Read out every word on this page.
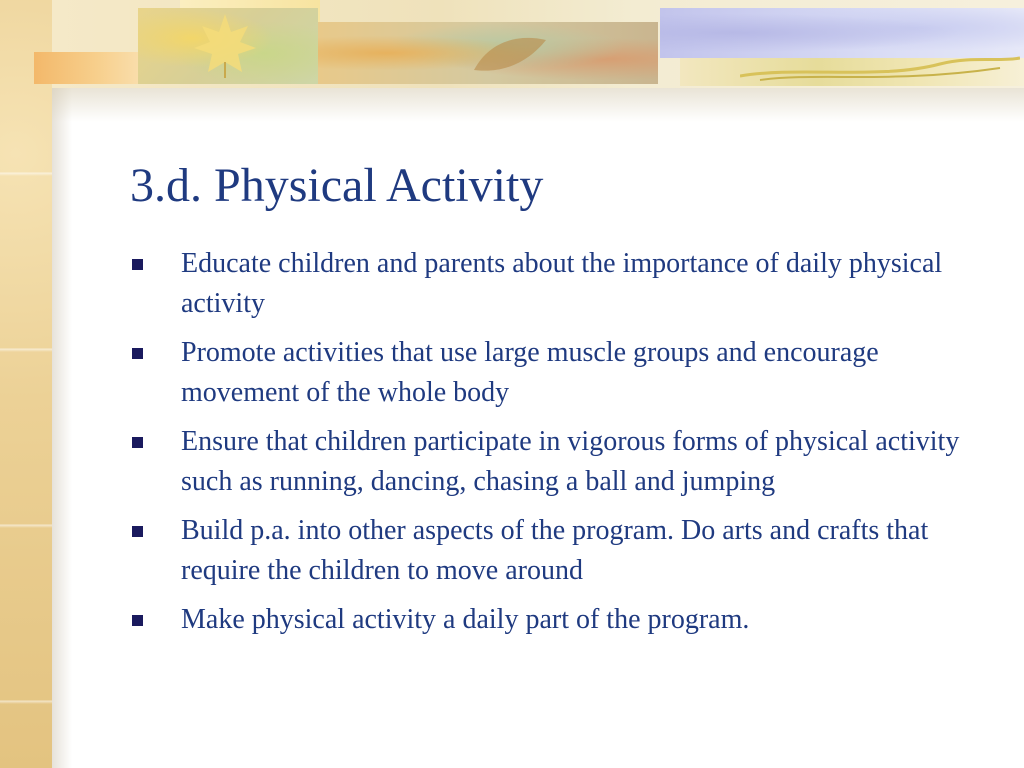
3.d. Physical Activity
Educate children and parents about the importance of daily physical activity
Promote activities that use large muscle groups and encourage movement of the whole body
Ensure that children participate in vigorous forms of physical activity such as running, dancing, chasing a ball and jumping
Build p.a. into other aspects of the program. Do arts and crafts that require the children to move around
Make physical activity a daily part of the program.
